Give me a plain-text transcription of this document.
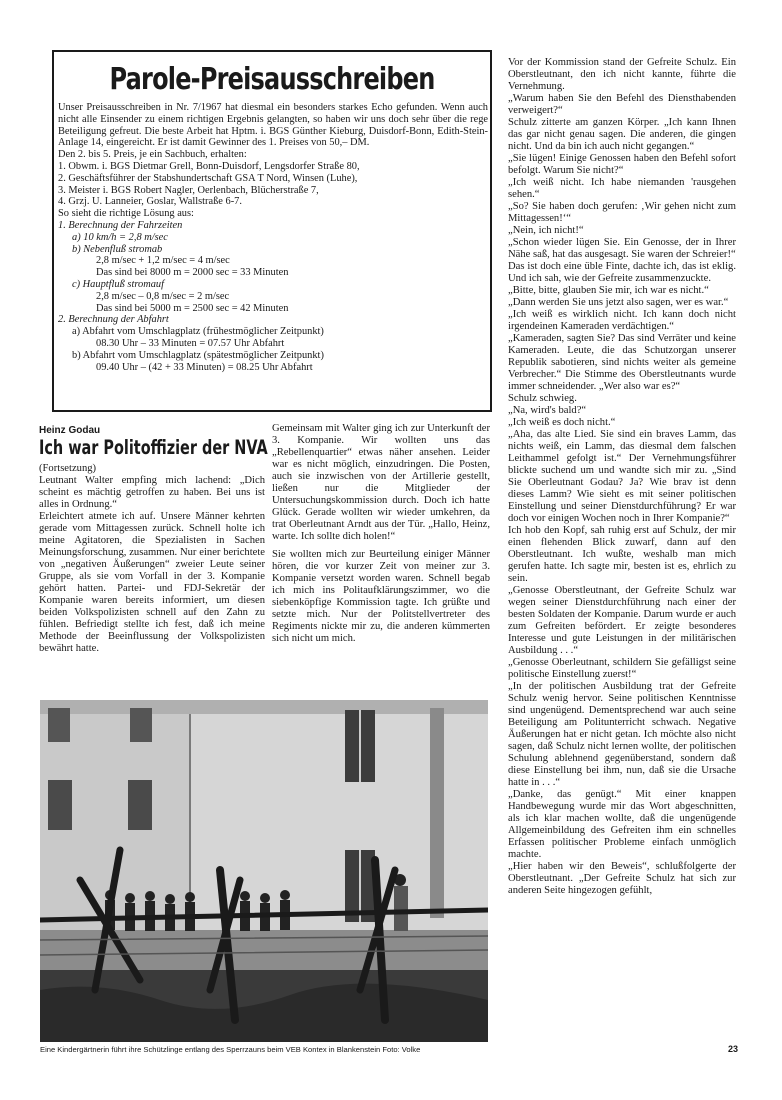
Parole-Preisausschreiben

Unser Preisausschreiben in Nr. 7/1967 hat diesmal ein besonders starkes Echo gefunden. Wenn auch nicht alle Einsender zu einem richtigen Ergebnis gelangten, so haben wir uns doch sehr über die rege Beteiligung gefreut. Die beste Arbeit hat Hptm. i. BGS Günther Kieburg, Duisdorf-Bonn, Edith-Stein-Anlage 14, eingereicht. Er ist damit Gewinner des 1. Preises von 50,– DM.

Den 2. bis 5. Preis, je ein Sachbuch, erhalten:

1. Obwm. i. BGS Dietmar Grell, Bonn-Duisdorf, Lengsdorfer Straße 80,

2. Geschäftsführer der Stabshundertschaft GSA T Nord, Winsen (Luhe),

3. Meister i. BGS Robert Nagler, Oerlenbach, Blücherstraße 7,

4. Grzj. U. Lanneier, Goslar, Wallstraße 6-7.

So sieht die richtige Lösung aus:

1. Berechnung der Fahrzeiten

a) 10 km/h = 2,8 m/sec

b) Nebenfluß stromab

2,8 m/sec + 1,2 m/sec = 4 m/sec

Das sind bei 8000 m = 2000 sec = 33 Minuten

c) Hauptfluß stromauf

2,8 m/sec – 0,8 m/sec = 2 m/sec

Das sind bei 5000 m = 2500 sec = 42 Minuten

2. Berechnung der Abfahrt

a) Abfahrt vom Umschlagplatz (frühestmöglicher Zeitpunkt)

08.30 Uhr – 33 Minuten = 07.57 Uhr Abfahrt

b) Abfahrt vom Umschlagplatz (spätestmöglicher Zeitpunkt)

09.40 Uhr – (42 + 33 Minuten) = 08.25 Uhr Abfahrt

Heinz Godau
Ich war Politoffizier der NVA

(Fortsetzung)

Leutnant Walter empfing mich lachend: „Dich scheint es mächtig getroffen zu haben. Bei uns ist alles in Ordnung.“

Erleichtert atmete ich auf. Unsere Männer kehrten gerade vom Mittagessen zurück. Schnell holte ich meine Agitatoren, die Spezialisten in Sachen Meinungsforschung, zusammen. Nur einer berichtete von „negativen Äußerungen“ zweier Leute seiner Gruppe, als sie vom Vorfall in der 3. Kompanie gehört hatten. Partei- und FDJ-Sekretär der Kompanie waren bereits informiert, um diesen beiden Volkspolizisten schnell auf den Zahn zu fühlen. Befriedigt stellte ich fest, daß ich meine Methode der Beeinflussung der Volkspolizisten bewährt hatte.

Gemeinsam mit Walter ging ich zur Unterkunft der 3. Kompanie. Wir wollten uns das „Rebellenquartier“ etwas näher ansehen. Leider war es nicht möglich, einzudringen. Die Posten, auch sie inzwischen von der Artillerie gestellt, ließen nur die Mitglieder der Untersuchungskommission durch. Doch ich hatte Glück. Gerade wollten wir wieder umkehren, da trat Oberleutnant Arndt aus der Tür. „Hallo, Heinz, warte. Ich sollte dich holen!“

Sie wollten mich zur Beurteilung einiger Männer hören, die vor kurzer Zeit von meiner zur 3. Kompanie versetzt worden waren. Schnell begab ich mich ins Politaufklärungszimmer, wo die siebenköpfige Kommission tagte. Ich grüßte und setzte mich. Nur der Politstellvertreter des Regiments nickte mir zu, die anderen kümmerten sich nicht um mich.

Vor der Kommission stand der Gefreite Schulz. Ein Oberstleutnant, den ich nicht kannte, führte die Vernehmung.

„Warum haben Sie den Befehl des Diensthabenden verweigert?“

Schulz zitterte am ganzen Körper. „Ich kann Ihnen das gar nicht genau sagen. Die anderen, die gingen nicht. Und da bin ich auch nicht gegangen.“

„Sie lügen! Einige Genossen haben den Befehl sofort befolgt. Warum Sie nicht?“

„Ich weiß nicht. Ich habe niemanden 'rausgehen sehen.“

„So? Sie haben doch gerufen: ‚Wir gehen nicht zum Mittagessen!‘“

„Nein, ich nicht!“

„Schon wieder lügen Sie. Ein Genosse, der in Ihrer Nähe saß, hat das ausgesagt. Sie waren der Schreier!“

Das ist doch eine üble Finte, dachte ich, das ist eklig. Und ich sah, wie der Gefreite zusammenzuckte.

„Bitte, bitte, glauben Sie mir, ich war es nicht.“

„Dann werden Sie uns jetzt also sagen, wer es war.“

„Ich weiß es wirklich nicht. Ich kann doch nicht irgendeinen Kameraden verdächtigen.“

„Kameraden, sagten Sie? Das sind Verräter und keine Kameraden. Leute, die das Schutzorgan unserer Republik sabotieren, sind nichts weiter als gemeine Verbrecher.“ Die Stimme des Oberstleutnants wurde immer schneidender. „Wer also war es?“

Schulz schwieg.

„Na, wird's bald?“

„Ich weiß es doch nicht.“

„Aha, das alte Lied. Sie sind ein braves Lamm, das nichts weiß, ein Lamm, das diesmal dem falschen Leithammel gefolgt ist.“ Der Vernehmungsführer blickte suchend um und wandte sich mir zu. „Sind Sie Oberleutnant Godau? Ja? Wie brav ist denn dieses Lamm? Wie sieht es mit seiner politischen Einstellung und seiner Dienstdurchführung? Er war doch vor einigen Wochen noch in Ihrer Kompanie?“

Ich hob den Kopf, sah ruhig erst auf Schulz, der mir einen flehenden Blick zuwarf, dann auf den Oberstleutnant. Ich wußte, weshalb man mich gerufen hatte. Ich sagte mir, besten ist es, ehrlich zu sein.

„Genosse Oberstleutnant, der Gefreite Schulz war wegen seiner Dienstdurchführung nach einer der besten Soldaten der Kompanie. Darum wurde er auch zum Gefreiten befördert. Er zeigte besonderes Interesse und gute Leistungen in der militärischen Ausbildung . . .“

„Genosse Oberleutnant, schildern Sie gefälligst seine politische Einstellung zuerst!“

„In der politischen Ausbildung trat der Gefreite Schulz wenig hervor. Seine politischen Kenntnisse sind ungenügend. Dementsprechend war auch seine Beteiligung am Politunterricht schwach. Negative Äußerungen hat er nicht getan. Ich möchte also nicht sagen, daß Schulz nicht lernen wollte, der politischen Schulung ablehnend gegenüberstand, sondern daß diese Einstellung bei ihm, nun, daß sie die Ursache hatte in . . .“

„Danke, das genügt.“ Mit einer knappen Handbewegung wurde mir das Wort abgeschnitten, als ich klar machen wollte, daß die ungenügende Allgemeinbildung des Gefreiten ihm ein schnelles Erfassen politischer Probleme einfach unmöglich machte.

„Hier haben wir den Beweis“, schlußfolgerte der Oberstleutnant. „Der Gefreite Schulz hat sich zur anderen Seite hingezogen gefühlt,

Eine Kindergärtnerin führt ihre Schützlinge entlang des Sperrzauns beim VEB Kontex in Blankenstein Foto: Volke	23
